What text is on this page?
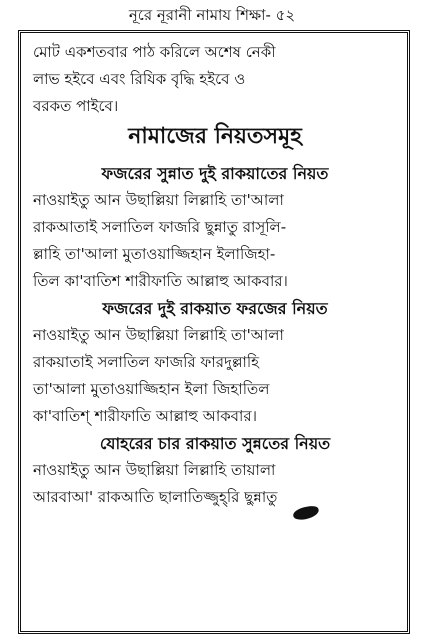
নূরে নূরানী নামায শিক্ষা- ৫২

মোট একশতবার পাঠ করিলে অশেষ নেকী
লাভ হইবে এবং রিযিক বৃদ্ধি হইবে ও
বরকত পাইবে।

নামাজের নিয়তসমূহ
ফজরের সুন্নাত দুই রাকয়াতের নিয়ত

নাওয়াইতু আন উছাল্লিয়া লিল্লাহি তা'আলা
রাকআতাই সলাতিল ফাজরি ছুন্নাতু রাসূলি-
ল্লাহি তা'আলা মুতাওয়াজ্জিহান ইলাজিহা-
তিল কা'বাতিশ শারীফাতি আল্লাহু আকবার।

ফজরের দুই রাকয়াত ফরজের নিয়ত

নাওয়াইতু আন উছাল্লিয়া লিল্লাহি তা'আলা
রাকয়াতাই সলাতিল ফাজরি ফারদুল্লাহি
তা'আলা মুতাওয়াজ্জিহান ইলা জিহাতিল
কা'বাতিশ্ শারীফাতি আল্লাহু আকবার।

যোহরের চার রাকয়াত সুন্নতের নিয়ত

নাওয়াইতু আন উছাল্লিয়া লিল্লাহি তায়ালা
আরবাআ' রাকআতি ছালাতিজ্জুহ্‌রি ছুন্নাতু
